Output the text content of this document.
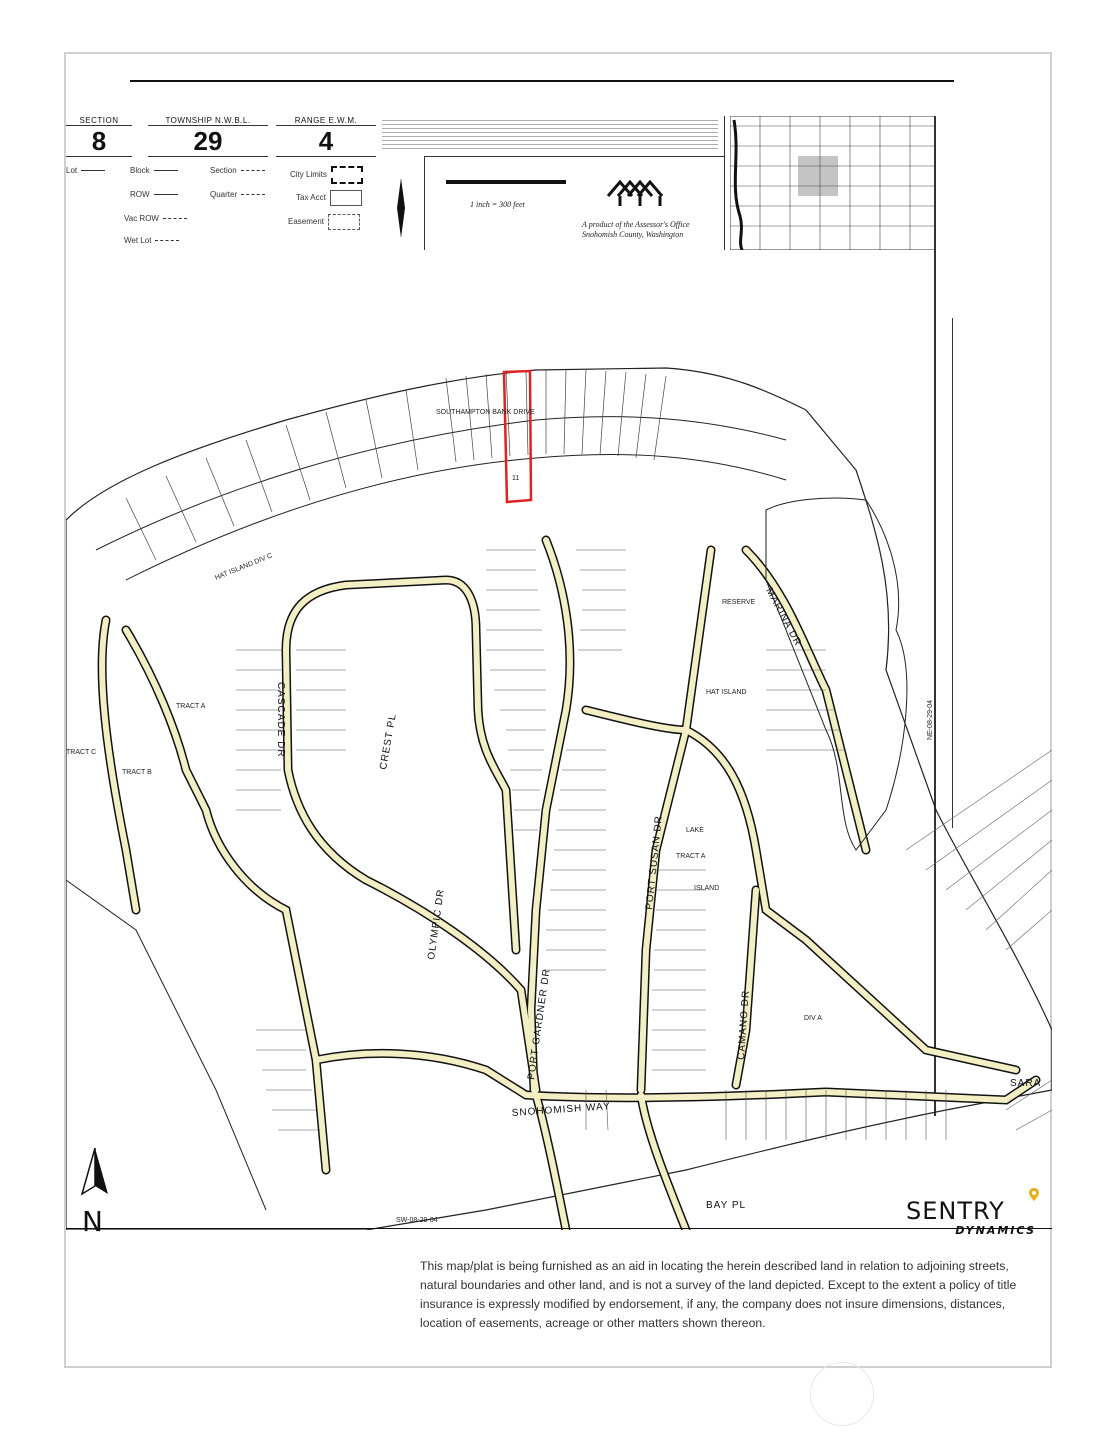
SECTION
8
TOWNSHIP N.W.B.L.
29
RANGE E.W.M.
4
Lot	Block	Section	City Limits
ROW	Quarter	Tax Acct
Vac ROW	Easement
Wet Lot
1 inch = 300 feet
A product of the Assessor's Office
Snohomish County, Washington
11
CASCADE DR	CREST PL
OLYMPIC DR
PORT GARDNER DR
PORT SUSAN DR
CAMANO DR
SNOHOMISH WAY
MARINA DR
BAY PL
SARA
HAT ISLAND DIV C
TRACT A
TRACT B
TRACT C
RESERVE
HAT ISLAND
LAKE
TRACT A
ISLAND
DIV A
SOUTHAMPTON BANK DRIVE
NE-08-29-04
SW-08-29-04
N	SENTRY
DYNAMICS
This map/plat is being furnished as an aid in locating the herein described land in relation to adjoining streets, natural boundaries and other land, and is not a survey of the land depicted. Except to the extent a policy of title insurance is expressly modified by endorsement, if any, the company does not insure dimensions, distances, location of easements, acreage or other matters shown thereon.
